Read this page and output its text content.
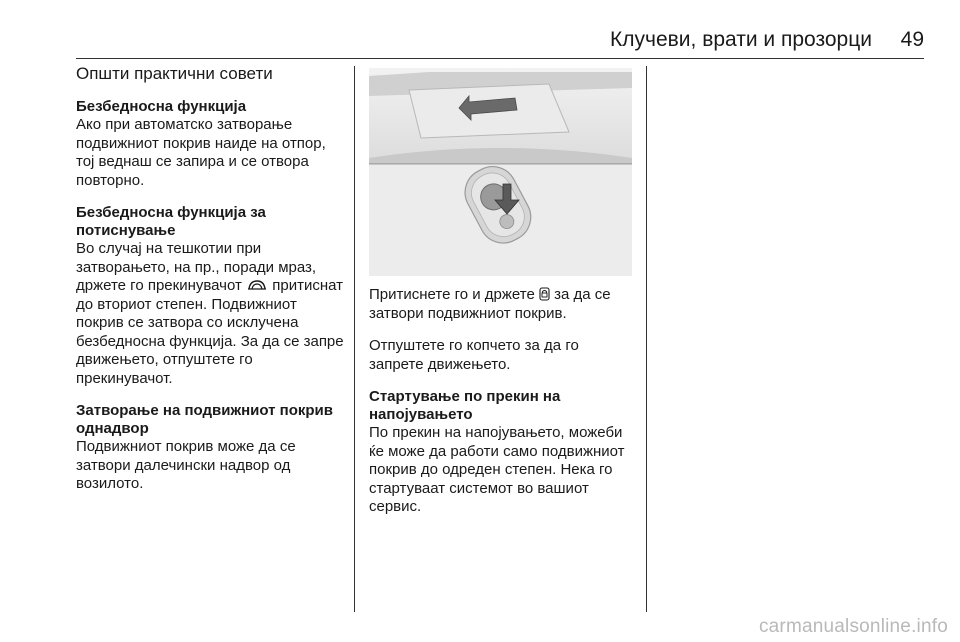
Клучеви, врати и прозорци 49
Општи практични совети
Безбедносна функција

Ако при автоматско затворање подвижниот покрив наиде на отпор, тој веднаш се запира и се отвора повторно.

Безбедносна функција за
потиснување

Во случај на тешкотии при затворањето, на пр., поради мраз, држете го прекинувачот притиснат до вториот степен. Подвижниот покрив се затвора со исклучена безбедносна функција. За да се запре движењето, отпуштете го прекинувачот.

Затворање на подвижниот покрив
однадвор

Подвижниот покрив може да се затвори далечински надвор од возилото.

Притиснете го и држете за да се затвори подвижниот покрив.

Отпуштете го копчето за да го запрете движењето.

Стартување по прекин на
напојувањето

По прекин на напојувањето, можеби ќе може да работи само подвижниот покрив до одреден степен. Нека го стартуваат системот во вашиот сервис.

carmanualsonline.info
